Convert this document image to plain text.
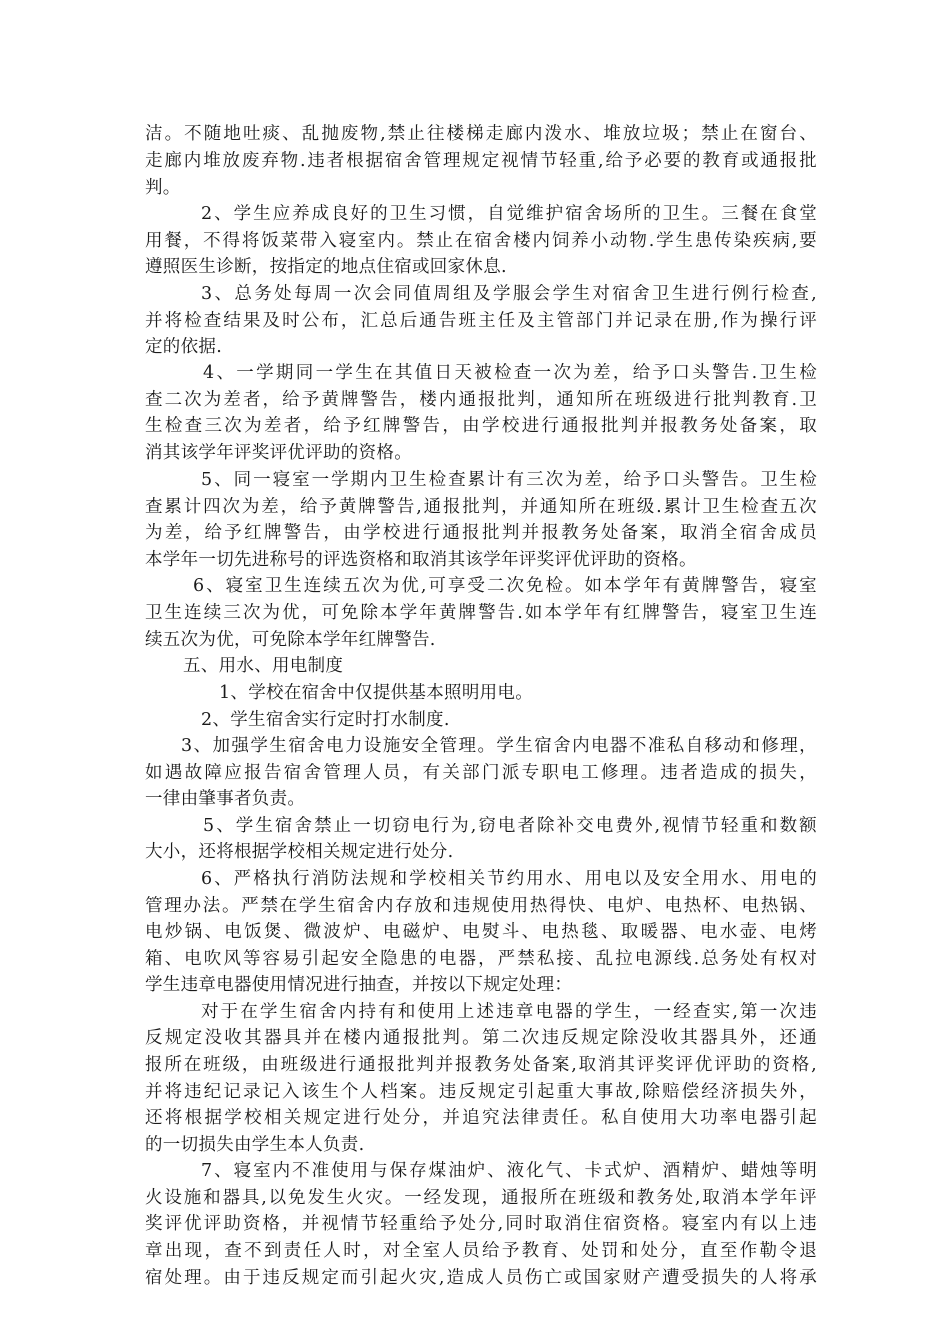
洁。不随地吐痰、乱抛废物,禁止往楼梯走廊内泼水、堆放垃圾；禁止在窗台、

走廊内堆放废弃物.违者根据宿舍管理规定视情节轻重,给予必要的教育或通报批

判。

2、学生应养成良好的卫生习惯，自觉维护宿舍场所的卫生。三餐在食堂

用餐，不得将饭菜带入寝室内。禁止在宿舍楼内饲养小动物.学生患传染疾病,要

遵照医生诊断，按指定的地点住宿或回家休息.

3、总务处每周一次会同值周组及学服会学生对宿舍卫生进行例行检查,

并将检查结果及时公布，汇总后通告班主任及主管部门并记录在册,作为操行评

定的依据.

4、一学期同一学生在其值日天被检查一次为差，给予口头警告.卫生检

查二次为差者，给予黄牌警告，楼内通报批判，通知所在班级进行批判教育.卫

生检查三次为差者，给予红牌警告，由学校进行通报批判并报教务处备案，取

消其该学年评奖评优评助的资格。

5、同一寝室一学期内卫生检查累计有三次为差，给予口头警告。卫生检

查累计四次为差，给予黄牌警告,通报批判，并通知所在班级.累计卫生检查五次

为差，给予红牌警告，由学校进行通报批判并报教务处备案，取消全宿舍成员

本学年一切先进称号的评选资格和取消其该学年评奖评优评助的资格。

6、寝室卫生连续五次为优,可享受二次免检。如本学年有黄牌警告，寝室

卫生连续三次为优，可免除本学年黄牌警告.如本学年有红牌警告，寝室卫生连

续五次为优，可免除本学年红牌警告.

五、用水、用电制度

1、学校在宿舍中仅提供基本照明用电。

2、学生宿舍实行定时打水制度.

3、加强学生宿舍电力设施安全管理。学生宿舍内电器不准私自移动和修理，

如遇故障应报告宿舍管理人员，有关部门派专职电工修理。违者造成的损失，

一律由肇事者负责。

5、学生宿舍禁止一切窃电行为,窃电者除补交电费外,视情节轻重和数额

大小，还将根据学校相关规定进行处分.

6、严格执行消防法规和学校相关节约用水、用电以及安全用水、用电的

管理办法。严禁在学生宿舍内存放和违规使用热得快、电炉、电热杯、电热锅、

电炒锅、电饭煲、微波炉、电磁炉、电熨斗、电热毯、取暖器、电水壶、电烤

箱、电吹风等容易引起安全隐患的电器，严禁私接、乱拉电源线.总务处有权对

学生违章电器使用情况进行抽查，并按以下规定处理：

对于在学生宿舍内持有和使用上述违章电器的学生，一经查实,第一次违

反规定没收其器具并在楼内通报批判。第二次违反规定除没收其器具外，还通

报所在班级，由班级进行通报批判并报教务处备案,取消其评奖评优评助的资格,

并将违纪记录记入该生个人档案。违反规定引起重大事故,除赔偿经济损失外，

还将根据学校相关规定进行处分，并追究法律责任。私自使用大功率电器引起

的一切损失由学生本人负责.

7、寝室内不准使用与保存煤油炉、液化气、卡式炉、酒精炉、蜡烛等明

火设施和器具,以免发生火灾。一经发现，通报所在班级和教务处,取消本学年评

奖评优评助资格，并视情节轻重给予处分,同时取消住宿资格。寝室内有以上违

章出现，查不到责任人时，对全室人员给予教育、处罚和处分，直至作勒令退

宿处理。由于违反规定而引起火灾,造成人员伤亡或国家财产遭受损失的人将承
